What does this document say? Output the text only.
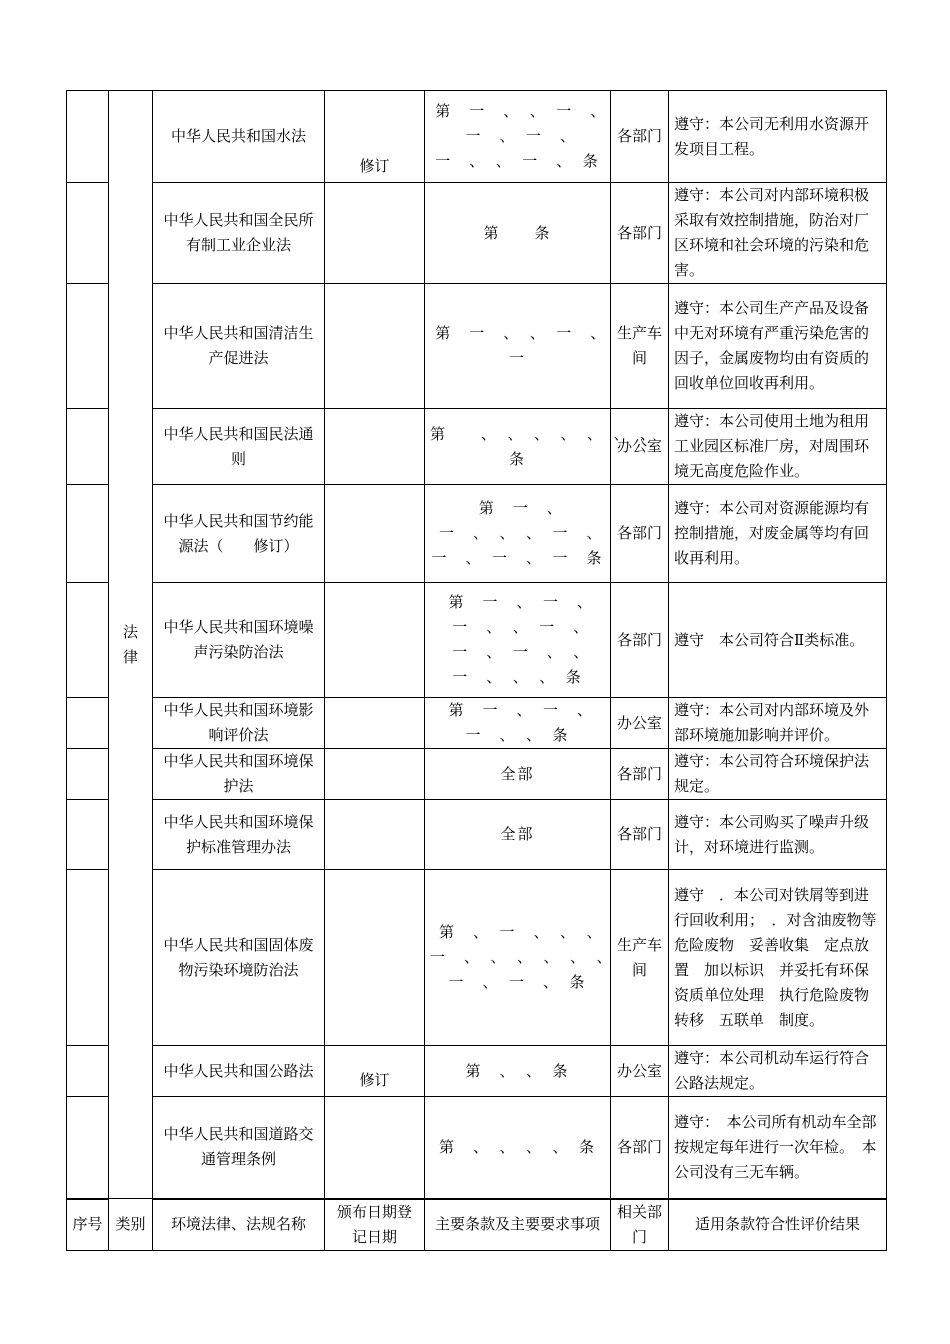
	法律	中华人民共和国水法	修订	第　一　、　、　一　、　一　、　一　、　一　、　、　一　、　条	各部门	遵守：本公司无利用水资源开发项目工程。
		中华人民共和国全民所有制工业企业法		第　　条	各部门	遵守：本公司对内部环境积极采取有效控制措施，防治对厂区环境和社会环境的污染和危害。
		中华人民共和国清洁生产促进法		第　一　、　、　一　、　一	生产车间	遵守：本公司生产产品及设备中无对环境有严重污染危害的因子，金属废物均由有资质的回收单位回收再利用。
		中华人民共和国民法通则		第　　、　、　、　、　、　、　、　条	办公室	遵守：本公司使用土地为租用工业园区标准厂房，对周围环境无高度危险作业。
		中华人民共和国节约能源法（　　修订）		第　一　、　一　、　、　、　一　、　一　、　一　、　一　条	各部门	遵守：本公司对资源能源均有控制措施，对废金属等均有回收再利用。
		中华人民共和国环境噪声污染防治法		第　一　、　一　、　一　、　、　一　、　一　、　一　、　、　一　、　、　、　条	各部门	遵守　本公司符合Ⅱ类标准。
		中华人民共和国环境影响评价法		第　一　、　一　、　一　、　、　条	办公室	遵守：本公司对内部环境及外部环境施加影响并评价。
		中华人民共和国环境保护法		全部	各部门	遵守：本公司符合环境保护法规定。
		中华人民共和国环境保护标准管理办法		全部	各部门	遵守：本公司购买了噪声升级计，对环境进行监测。
		中华人民共和国固体废物污染环境防治法		第　、　一　、　、　、　一　、　、　、　、　、　、　一　、　一　、　条	生产车间	遵守　．本公司对铁屑等到进行回收利用；　．对含油废物等危险废物　妥善收集　定点放置　加以标识　并妥托有环保资质单位处理　执行危险废物转移　五联单　制度。
		中华人民共和国公路法	修订	第　、　、　条	办公室	遵守：本公司机动车运行符合公路法规定。
		中华人民共和国道路交通管理条例		第　、　、　、　、　条	各部门	遵守：　本公司所有机动车全部按规定每年进行一次年检。　本公司没有三无车辆。
序号	类别	环境法律、法规名称	颁布日期登记日期	主要条款及主要要求事项	相关部门	适用条款符合性评价结果
